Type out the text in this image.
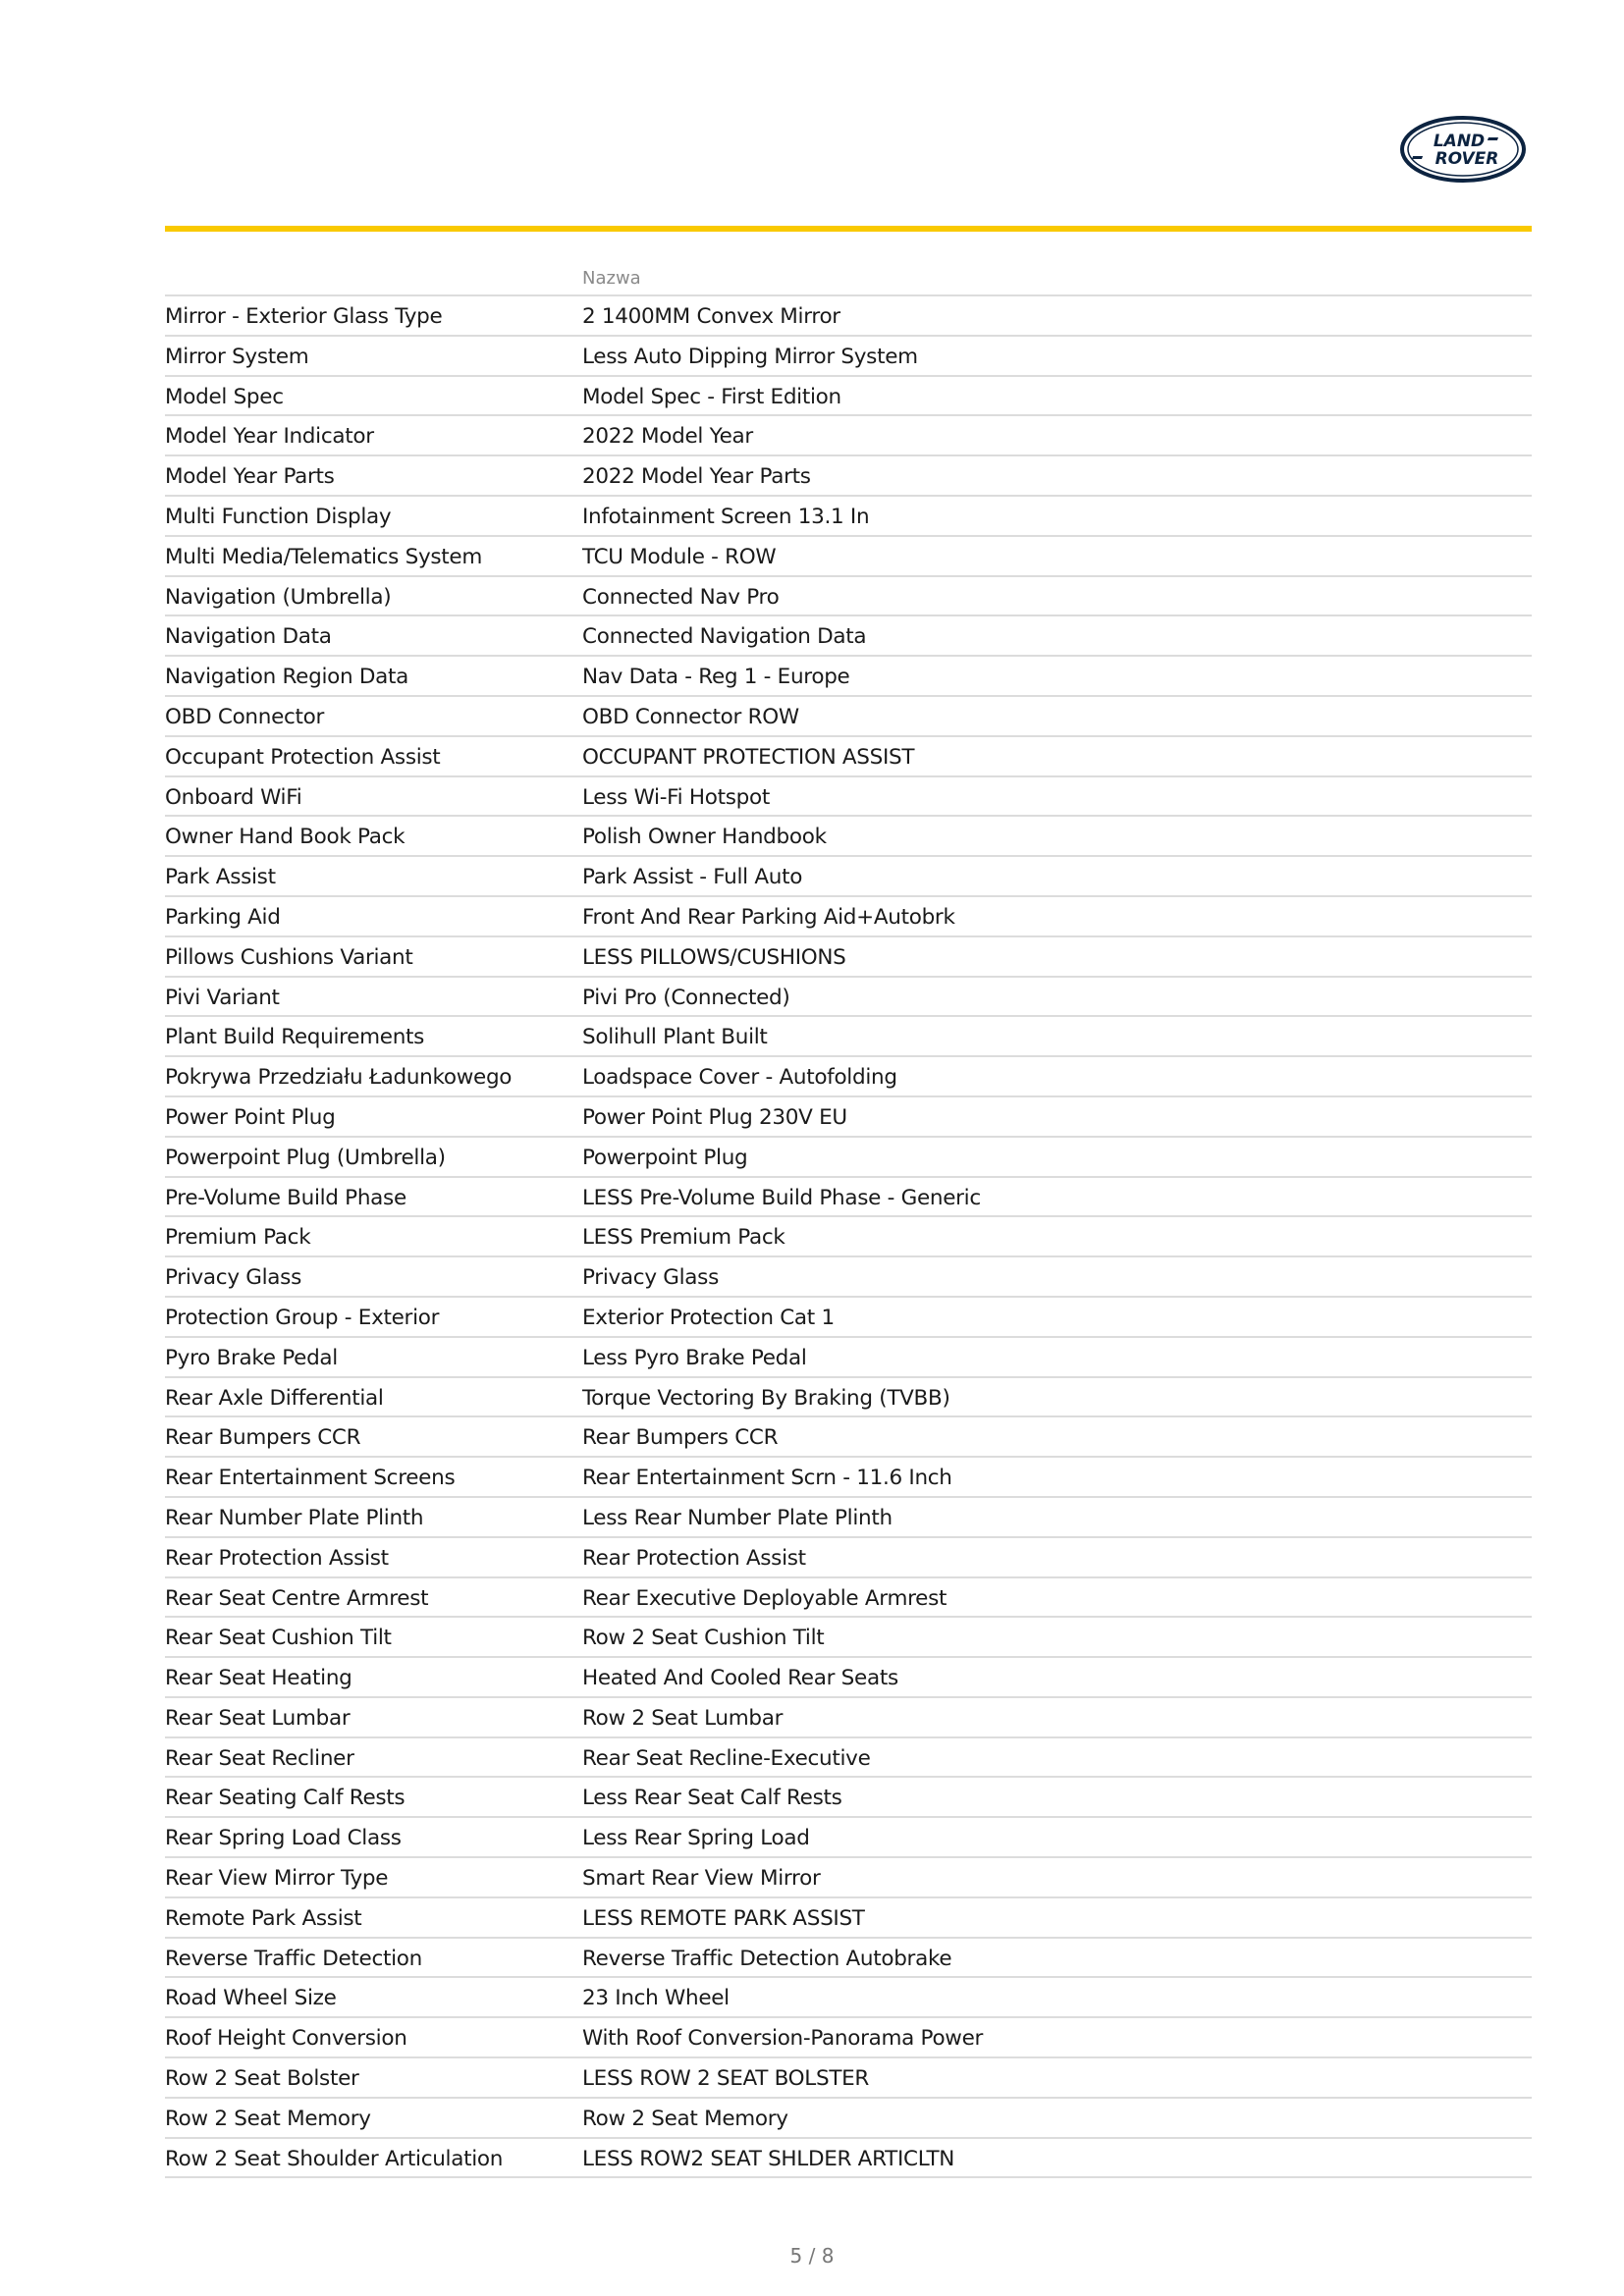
LAND
ROVER
Nazwa
Mirror - Exterior Glass Type	2 1400MM Convex Mirror
Mirror System	Less Auto Dipping Mirror System
Model Spec	Model Spec - First Edition
Model Year Indicator	2022 Model Year
Model Year Parts	2022 Model Year Parts
Multi Function Display	Infotainment Screen 13.1 In
Multi Media/Telematics System	TCU Module - ROW
Navigation (Umbrella)	Connected Nav Pro
Navigation Data	Connected Navigation Data
Navigation Region Data	Nav Data - Reg 1 - Europe
OBD Connector	OBD Connector ROW
Occupant Protection Assist	OCCUPANT PROTECTION ASSIST
Onboard WiFi	Less Wi-Fi Hotspot
Owner Hand Book Pack	Polish Owner Handbook
Park Assist	Park Assist - Full Auto
Parking Aid	Front And Rear Parking Aid+Autobrk
Pillows Cushions Variant	LESS PILLOWS/CUSHIONS
Pivi Variant	Pivi Pro (Connected)
Plant Build Requirements	Solihull Plant Built
Pokrywa Przedziału Ładunkowego	Loadspace Cover - Autofolding
Power Point Plug	Power Point Plug 230V EU
Powerpoint Plug (Umbrella)	Powerpoint Plug
Pre-Volume Build Phase	LESS Pre-Volume Build Phase - Generic
Premium Pack	LESS Premium Pack
Privacy Glass	Privacy Glass
Protection Group - Exterior	Exterior Protection Cat 1
Pyro Brake Pedal	Less Pyro Brake Pedal
Rear Axle Differential	Torque Vectoring By Braking (TVBB)
Rear Bumpers CCR	Rear Bumpers CCR
Rear Entertainment Screens	Rear Entertainment Scrn - 11.6 Inch
Rear Number Plate Plinth	Less Rear Number Plate Plinth
Rear Protection Assist	Rear Protection Assist
Rear Seat Centre Armrest	Rear Executive Deployable Armrest
Rear Seat Cushion Tilt	Row 2 Seat Cushion Tilt
Rear Seat Heating	Heated And Cooled Rear Seats
Rear Seat Lumbar	Row 2 Seat Lumbar
Rear Seat Recliner	Rear Seat Recline-Executive
Rear Seating Calf Rests	Less Rear Seat Calf Rests
Rear Spring Load Class	Less Rear Spring Load
Rear View Mirror Type	Smart Rear View Mirror
Remote Park Assist	LESS REMOTE PARK ASSIST
Reverse Traffic Detection	Reverse Traffic Detection Autobrake
Road Wheel Size	23 Inch Wheel
Roof Height Conversion	With Roof Conversion-Panorama Power
Row 2 Seat Bolster	LESS ROW 2 SEAT BOLSTER
Row 2 Seat Memory	Row 2 Seat Memory
Row 2 Seat Shoulder Articulation	LESS ROW2 SEAT SHLDER ARTICLTN
5 / 8
